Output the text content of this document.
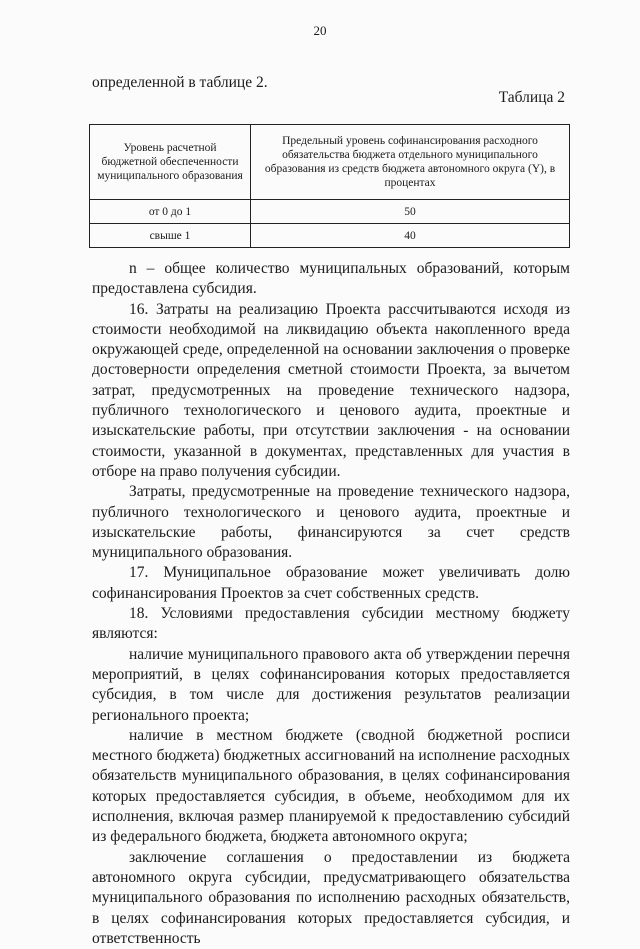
20
определенной в таблице 2.
Таблица 2
Уровень расчетной бюджетной обеспеченности муниципального образования	Предельный уровень софинансирования расходного обязательства бюджета отдельного муниципального образования из средств бюджета автономного округа (Y), в процентах
от 0 до 1	50
свыше 1	40

n – общее количество муниципальных образований, которым предоставлена субсидия.

16. Затраты на реализацию Проекта рассчитываются исходя из стоимости необходимой на ликвидацию объекта накопленного вреда окружающей среде, определенной на основании заключения о проверке достоверности определения сметной стоимости Проекта, за вычетом затрат, предусмотренных на проведение технического надзора, публичного технологического и ценового аудита, проектные и изыскательские работы, при отсутствии заключения - на основании стоимости, указанной в документах, представленных для участия в отборе на право получения субсидии.

Затраты, предусмотренные на проведение технического надзора, публичного технологического и ценового аудита, проектные и изыскательские работы, финансируются за счет средств муниципального образования.

17. Муниципальное образование может увеличивать долю софинансирования Проектов за счет собственных средств.

18. Условиями предоставления субсидии местному бюджету являются:

наличие муниципального правового акта об утверждении перечня мероприятий, в целях софинансирования которых предоставляется субсидия, в том числе для достижения результатов реализации регионального проекта;

наличие в местном бюджете (сводной бюджетной росписи местного бюджета) бюджетных ассигнований на исполнение расходных обязательств муниципального образования, в целях софинансирования которых предоставляется субсидия, в объеме, необходимом для их исполнения, включая размер планируемой к предоставлению субсидий из федерального бюджета, бюджета автономного округа;

заключение соглашения о предоставлении из бюджета автономного округа субсидии, предусматривающего обязательства муниципального образования по исполнению расходных обязательств, в целях софинансирования которых предоставляется субсидия, и ответственность
